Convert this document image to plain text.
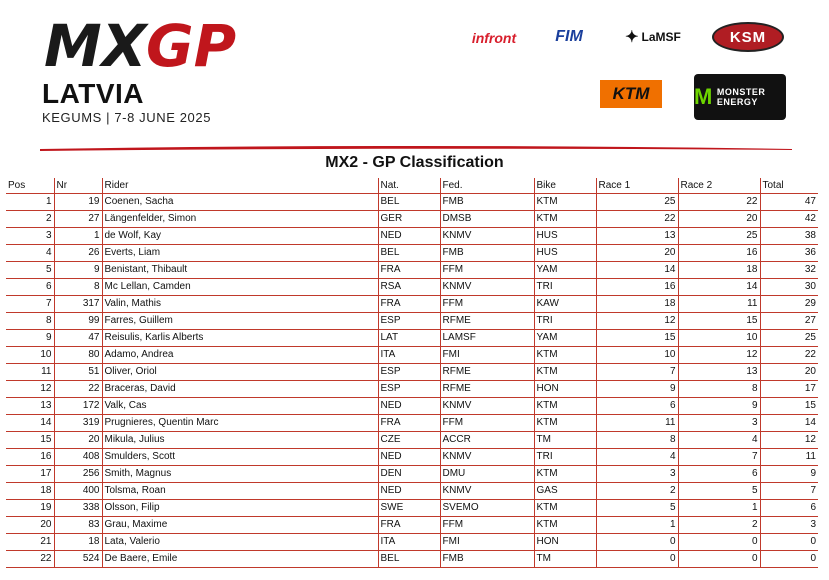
MX GP
LATVIA
KEGUMS | 7-8 JUNE 2025
infront	FIM	✦ LaMSF	KSM
KTM	M MONSTER ENERGY
MX2 - GP Classification
Pos	Nr	Rider	Nat.	Fed.	Bike	Race 1	Race 2	Total
1	19	Coenen, Sacha	BEL	FMB	KTM	25	22	47
2	27	Längenfelder, Simon	GER	DMSB	KTM	22	20	42
3	1	de Wolf, Kay	NED	KNMV	HUS	13	25	38
4	26	Everts, Liam	BEL	FMB	HUS	20	16	36
5	9	Benistant, Thibault	FRA	FFM	YAM	14	18	32
6	8	Mc Lellan, Camden	RSA	KNMV	TRI	16	14	30
7	317	Valin, Mathis	FRA	FFM	KAW	18	11	29
8	99	Farres, Guillem	ESP	RFME	TRI	12	15	27
9	47	Reisulis, Karlis Alberts	LAT	LAMSF	YAM	15	10	25
10	80	Adamo, Andrea	ITA	FMI	KTM	10	12	22
11	51	Oliver, Oriol	ESP	RFME	KTM	7	13	20
12	22	Braceras, David	ESP	RFME	HON	9	8	17
13	172	Valk, Cas	NED	KNMV	KTM	6	9	15
14	319	Prugnieres, Quentin Marc	FRA	FFM	KTM	11	3	14
15	20	Mikula, Julius	CZE	ACCR	TM	8	4	12
16	408	Smulders, Scott	NED	KNMV	TRI	4	7	11
17	256	Smith, Magnus	DEN	DMU	KTM	3	6	9
18	400	Tolsma, Roan	NED	KNMV	GAS	2	5	7
19	338	Olsson, Filip	SWE	SVEMO	KTM	5	1	6
20	83	Grau, Maxime	FRA	FFM	KTM	1	2	3
21	18	Lata, Valerio	ITA	FMI	HON	0	0	0
22	524	De Baere, Emile	BEL	FMB	TM	0	0	0
